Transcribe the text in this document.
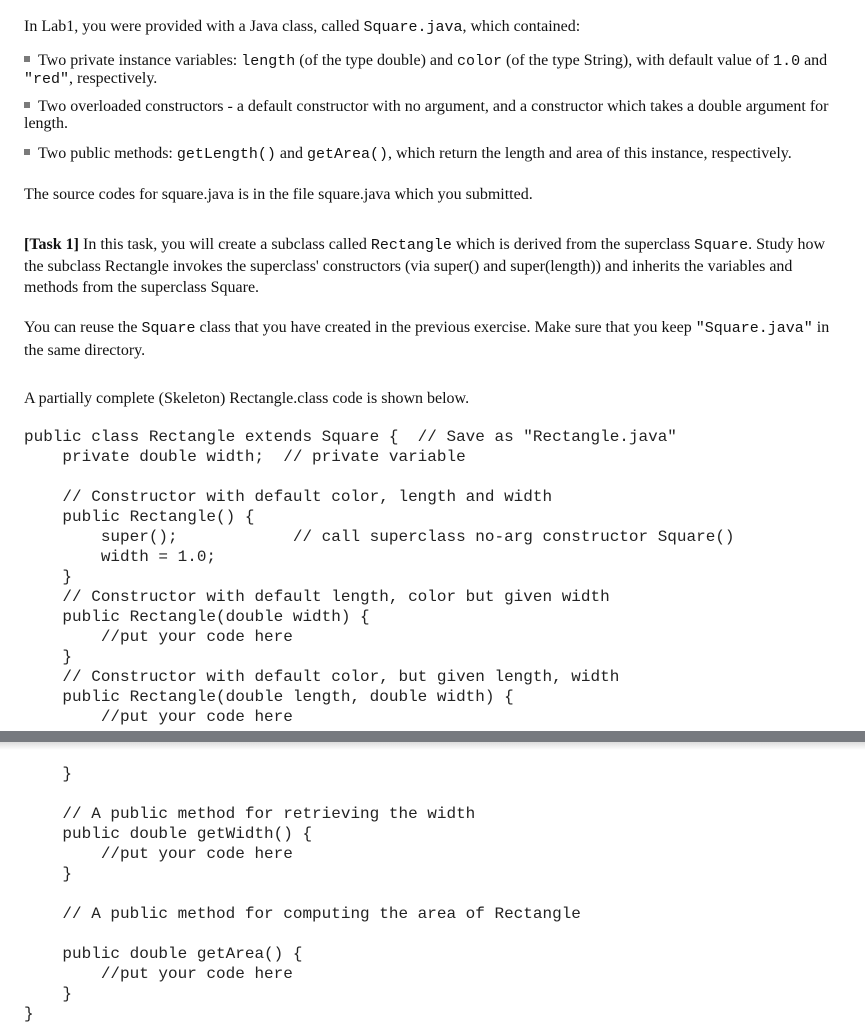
In Lab1, you were provided with a Java class, called Square.java, which contained:
Two private instance variables: length (of the type double) and color (of the type String), with default value of 1.0 and "red", respectively.
Two overloaded constructors - a default constructor with no argument, and a constructor which takes a double argument for length.
Two public methods: getLength() and getArea(), which return the length and area of this instance, respectively.
The source codes for square.java is in the file square.java which you submitted.
[Task 1] In this task, you will create a subclass called Rectangle which is derived from the superclass Square. Study how the subclass Rectangle invokes the superclass' constructors (via super() and super(length)) and inherits the variables and methods from the superclass Square.
You can reuse the Square class that you have created in the previous exercise. Make sure that you keep "Square.java" in the same directory.
A partially complete (Skeleton) Rectangle.class code is shown below.
public class Rectangle extends Square {  // Save as "Rectangle.java"
private double width;  // private variable

// Constructor with default color, length and width
public Rectangle() {
super();            // call superclass no-arg constructor Square()
width = 1.0;
}
// Constructor with default length, color but given width
public Rectangle(double width) {
//put your code here
}
// Constructor with default color, but given length, width
public Rectangle(double length, double width) {
//put your code here
}

// A public method for retrieving the width
public double getWidth() {
//put your code here
}

// A public method for computing the area of Rectangle

public double getArea() {
//put your code here
}
}
